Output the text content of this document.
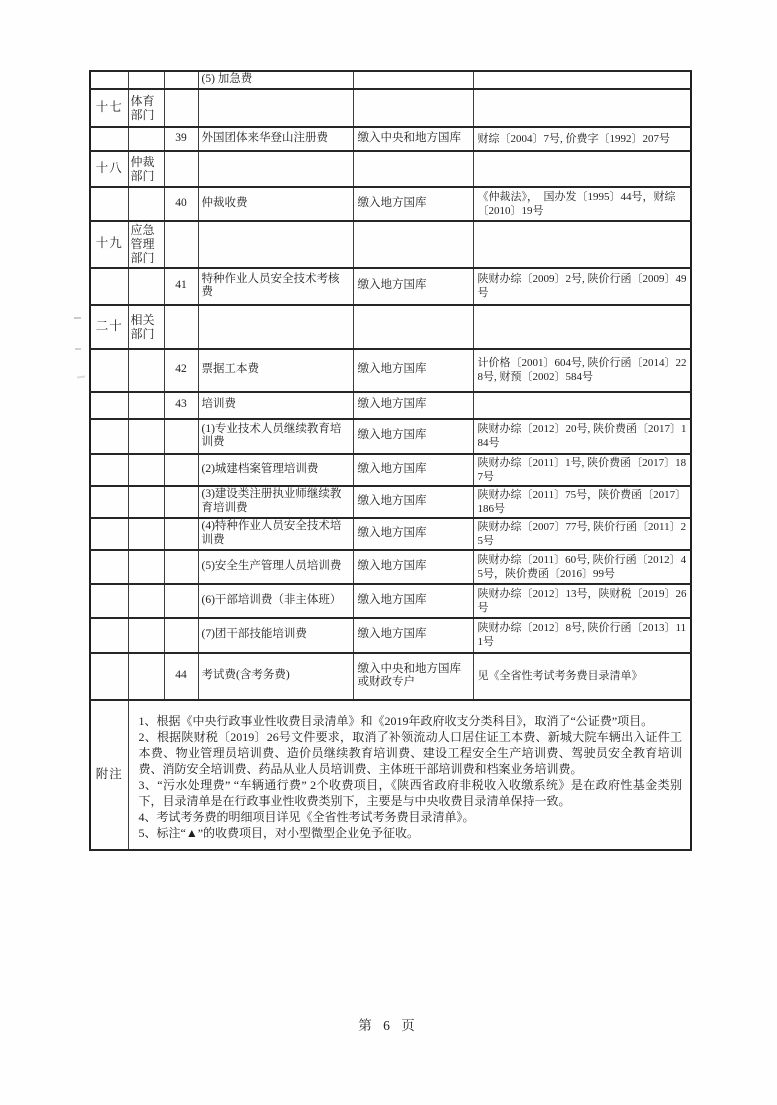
			(5) 加急费		
十七	体育部门				
		39	外国团体来华登山注册费	缴入中央和地方国库	财综〔2004〕7号, 价费字〔1992〕207号
十八	仲裁部门				
		40	仲裁收费	缴入地方国库	《仲裁法》，  国办发〔1995〕44号，财综〔2010〕19号
十九	应急管理部门				
		41	特种作业人员安全技术考核费	缴入地方国库	陕财办综〔2009〕2号, 陕价行函〔2009〕49号
二十	相关部门				
		42	票据工本费	缴入地方国库	计价格〔2001〕604号, 陕价行函〔2014〕228号, 财预〔2002〕584号
		43	培训费	缴入地方国库	
			(1)专业技术人员继续教育培训费	缴入地方国库	陕财办综〔2012〕20号, 陕价费函〔2017〕184号
			(2)城建档案管理培训费	缴入地方国库	陕财办综〔2011〕1号, 陕价费函〔2017〕187号
			(3)建设类注册执业师继续教育培训费	缴入地方国库	陕财办综〔2011〕75号，陕价费函〔2017〕186号
			(4)特种作业人员安全技术培训费	缴入地方国库	陕财办综〔2007〕77号, 陕价行函〔2011〕25号
			(5)安全生产管理人员培训费	缴入地方国库	陕财办综〔2011〕60号, 陕价行函〔2012〕45号，陕价费函〔2016〕99号
			(6)干部培训费（非主体班）	缴入地方国库	陕财办综〔2012〕13号，陕财税〔2019〕26号
			(7)团干部技能培训费	缴入地方国库	陕财办综〔2012〕8号, 陕价行函〔2013〕111号
		44	考试费(含考务费)	缴入中央和地方国库或财政专户	见《全省性考试考务费目录清单》
附注	1、根据《中央行政事业性收费目录清单》和《2019年政府收支分类科目》，取消了“公证费”项目。
2、根据陕财税〔2019〕26号文件要求，取消了补领流动人口居住证工本费、新城大院车辆出入证件工本费、物业管理员培训费、造价员继续教育培训费、建设工程安全生产培训费、驾驶员安全教育培训费、消防安全培训费、药品从业人员培训费、主体班干部培训费和档案业务培训费。
3、“污水处理费” “车辆通行费” 2个收费项目，《陕西省政府非税收入收缴系统》是在政府性基金类别下，目录清单是在行政事业性收费类别下，主要是与中央收费目录清单保持一致。
4、考试考务费的明细项目详见《全省性考试考务费目录清单》。
5、标注“▲”的收费项目，对小型微型企业免予征收。				
第 6 页
